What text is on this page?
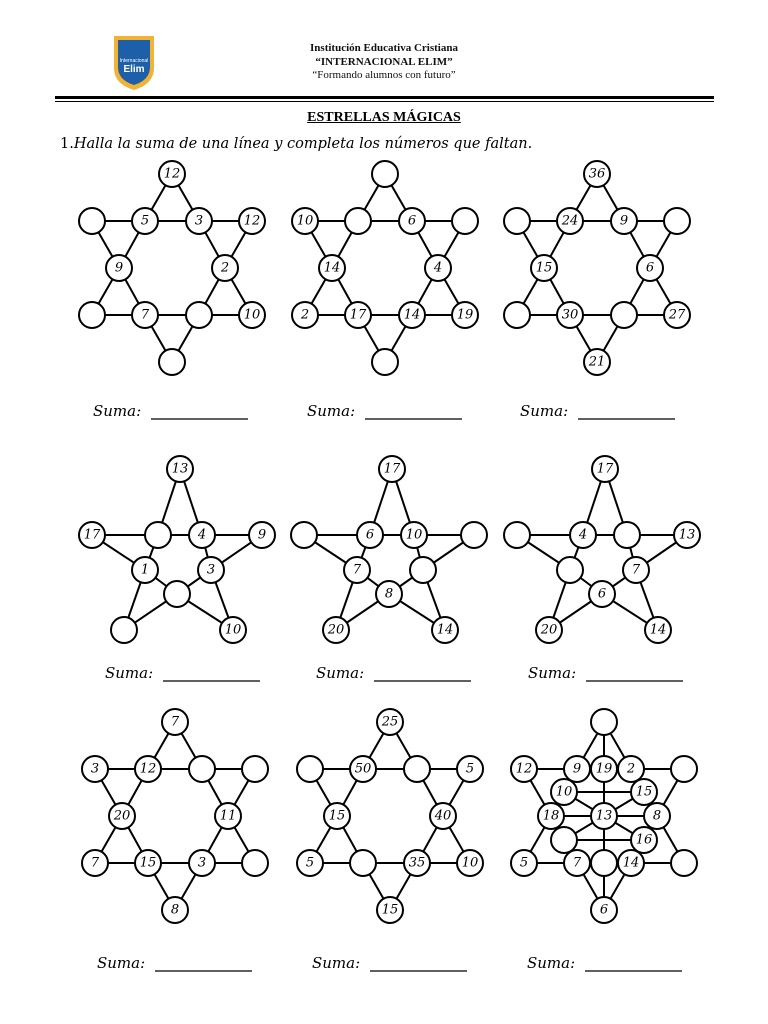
Internacional
Elim
Institución Educativa Cristiana
“INTERNACIONAL ELIM”
“Formando alumnos con futuro”
ESTRELLAS MÁGICAS
1.Halla la suma de una línea y completa los números que faltan.
12
5	3	12
9	2
7	10
Suma:
10	6
14	4
2	17	14	19
Suma:
36
24	9
15	6
30	27
21
Suma:
13
17	4	9
1	3
10
Suma:
17
6 10
7
8
20	14
Suma:
17
4	13
7
6
20	14
Suma:
7
3	12
20	11
7	15	3
8
Suma:
25
50	5
15	40
5	35	10
15
Suma:
12	9 19 2
10	15
18	13	8
16
5	7	14
6
Suma:
